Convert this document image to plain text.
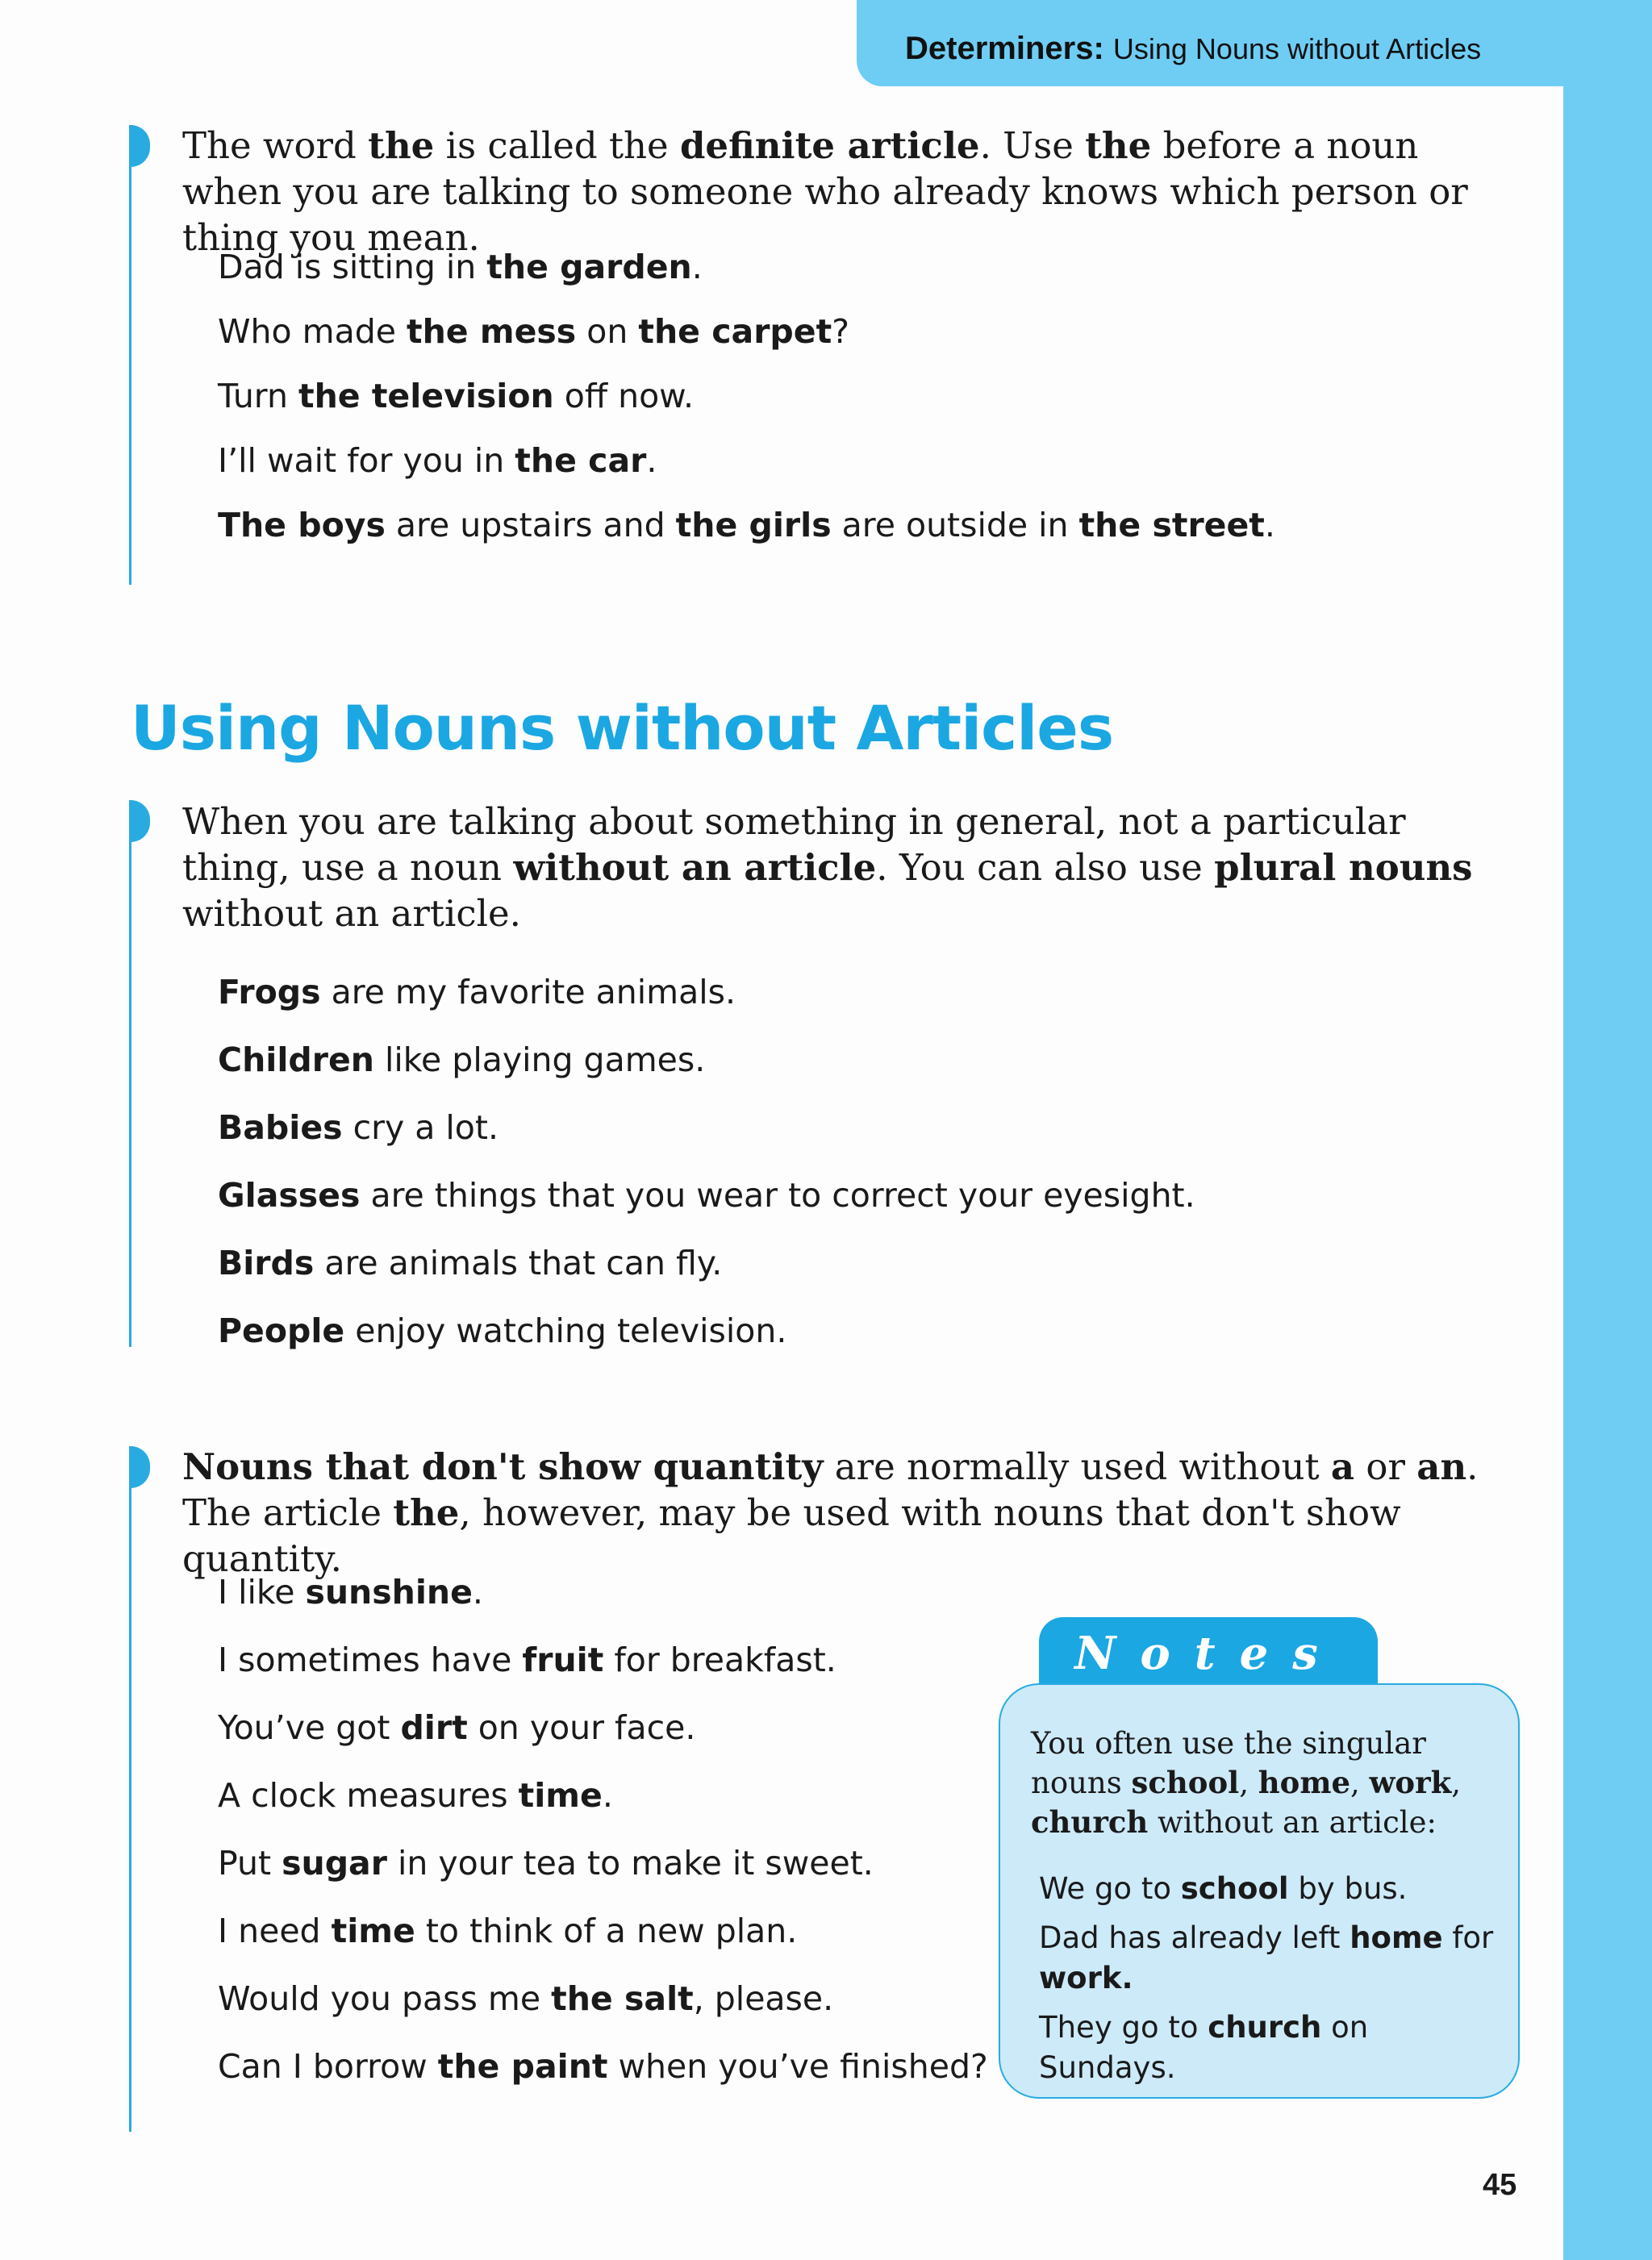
Determiners: Using Nouns without Articles
The word the is called the definite article. Use the before a noun when you are talking to someone who already knows which person or thing you mean.
Dad is sitting in the garden.
Who made the mess on the carpet?
Turn the television off now.
I’ll wait for you in the car.
The boys are upstairs and the girls are outside in the street.
Using Nouns without Articles
When you are talking about something in general, not a particular thing, use a noun without an article. You can also use plural nouns without an article.
Frogs are my favorite animals.
Children like playing games.
Babies cry a lot.
Glasses are things that you wear to correct your eyesight.
Birds are animals that can fly.
People enjoy watching television.
Nouns that don't show quantity are normally used without a or an. The article the, however, may be used with nouns that don't show quantity.
I like sunshine.
I sometimes have fruit for breakfast.
You’ve got dirt on your face.
A clock measures time.
Put sugar in your tea to make it sweet.
I need time to think of a new plan.
Would you pass me the salt, please.
Can I borrow the paint when you’ve finished?
Notes
You often use the singular nouns school, home, work, church without an article:
We go to school by bus.
Dad has already left home for work.
They go to church on Sundays.
45
